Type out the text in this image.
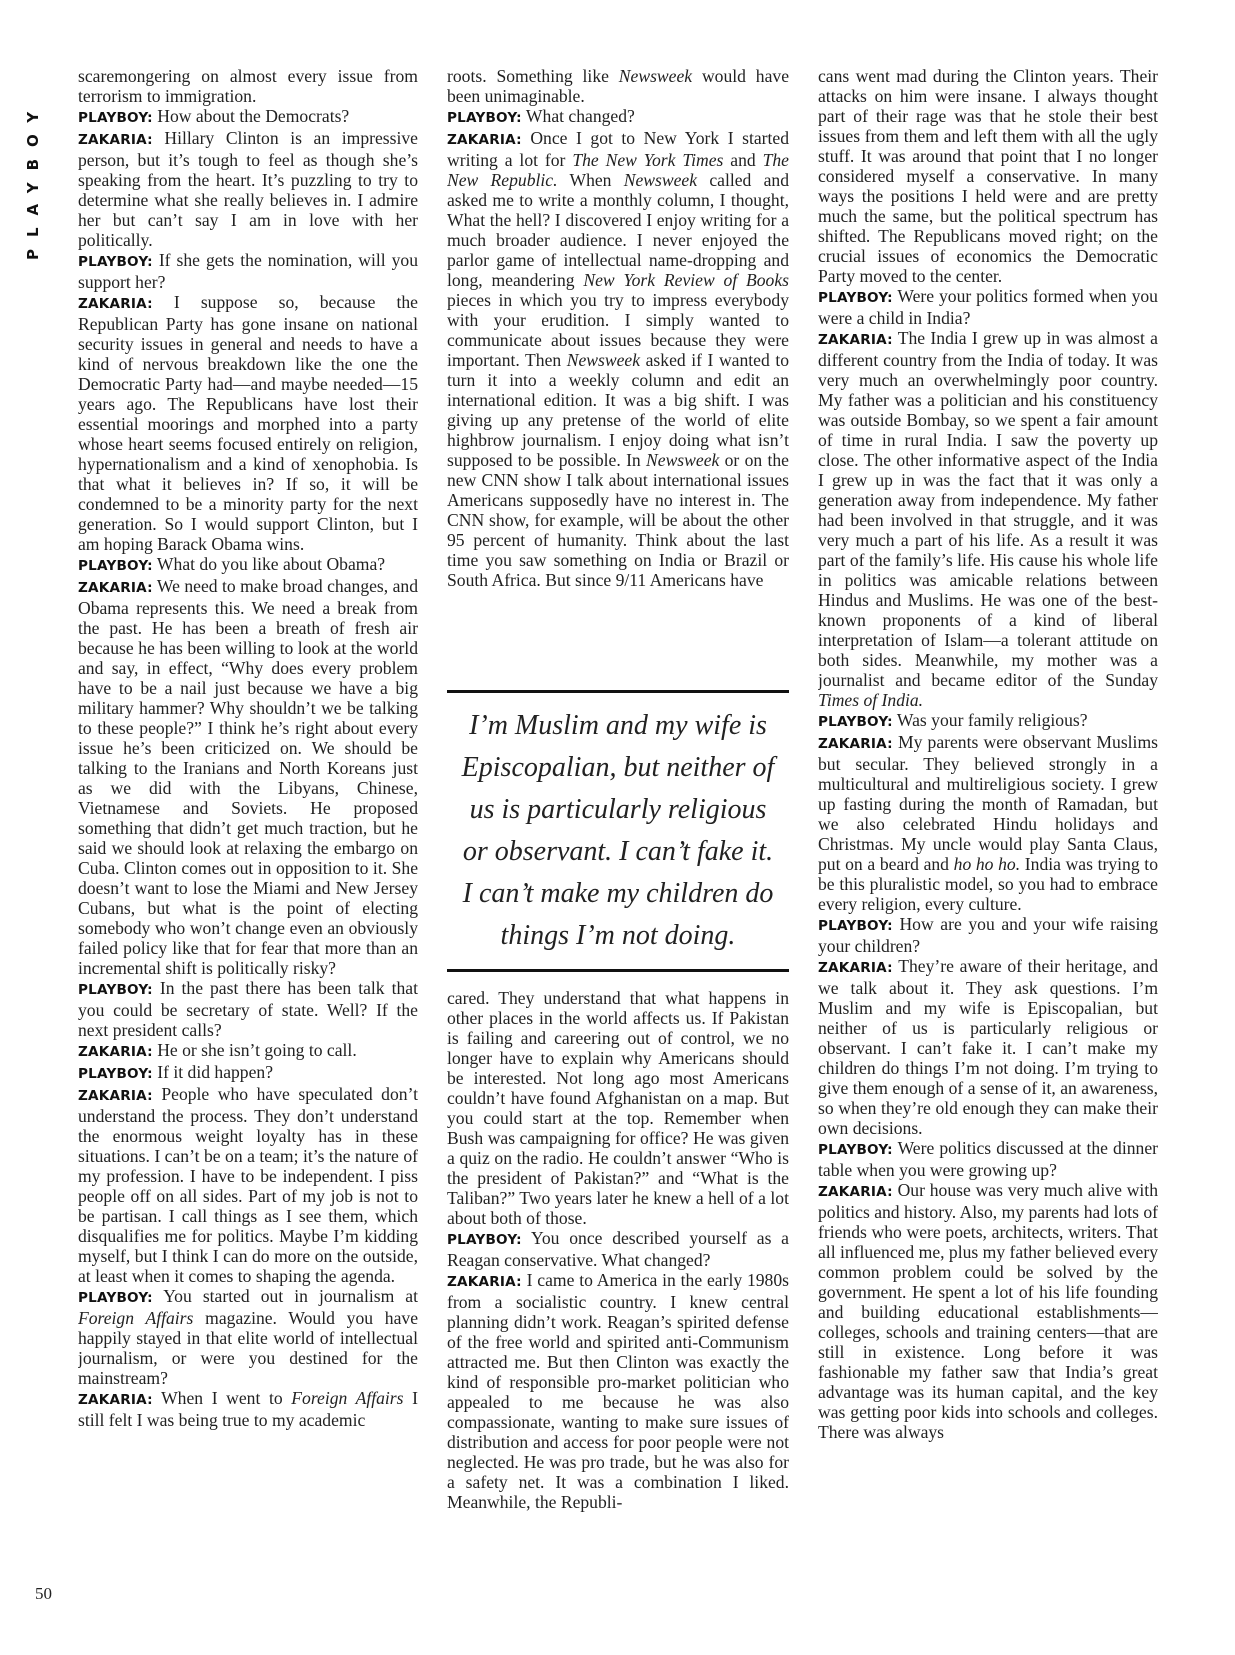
PLAYBOY
50

scaremongering on almost every issue from terrorism to immigration.

PLAYBOY: How about the Democrats?

ZAKARIA: Hillary Clinton is an impressive person, but it’s tough to feel as though she’s speaking from the heart. It’s puzzling to try to determine what she really believes in. I admire her but can’t say I am in love with her politically.

PLAYBOY: If she gets the nomination, will you support her?

ZAKARIA: I suppose so, because the Republican Party has gone insane on national security issues in general and needs to have a kind of nervous breakdown like the one the Democratic Party had—and maybe needed—15 years ago. The Republicans have lost their essential moorings and morphed into a party whose heart seems focused entirely on religion, hypernationalism and a kind of xenophobia. Is that what it believes in? If so, it will be condemned to be a minority party for the next generation. So I would support Clinton, but I am hoping Barack Obama wins.

PLAYBOY: What do you like about Obama?

ZAKARIA: We need to make broad changes, and Obama represents this. We need a break from the past. He has been a breath of fresh air because he has been willing to look at the world and say, in effect, “Why does every problem have to be a nail just because we have a big military hammer? Why shouldn’t we be talking to these people?” I think he’s right about every issue he’s been criticized on. We should be talking to the Iranians and North Koreans just as we did with the Libyans, Chinese, Vietnamese and Soviets. He proposed something that didn’t get much traction, but he said we should look at relaxing the embargo on Cuba. Clinton comes out in opposition to it. She doesn’t want to lose the Miami and New Jersey Cubans, but what is the point of electing somebody who won’t change even an obviously failed policy like that for fear that more than an incremental shift is politically risky?

PLAYBOY: In the past there has been talk that you could be secretary of state. Well? If the next president calls?

ZAKARIA: He or she isn’t going to call.

PLAYBOY: If it did happen?

ZAKARIA: People who have speculated don’t understand the process. They don’t understand the enormous weight loyalty has in these situations. I can’t be on a team; it’s the nature of my profession. I have to be independent. I piss people off on all sides. Part of my job is not to be partisan. I call things as I see them, which disqualifies me for politics. Maybe I’m kidding myself, but I think I can do more on the outside, at least when it comes to shaping the agenda.

PLAYBOY: You started out in journalism at Foreign Affairs magazine. Would you have happily stayed in that elite world of intellectual journalism, or were you destined for the mainstream?

ZAKARIA: When I went to Foreign Affairs I still felt I was being true to my academic

roots. Something like Newsweek would have been unimaginable.

PLAYBOY: What changed?

ZAKARIA: Once I got to New York I started writing a lot for The New York Times and The New Republic. When Newsweek called and asked me to write a monthly column, I thought, What the hell? I discovered I enjoy writing for a much broader audience. I never enjoyed the parlor game of intellectual name-dropping and long, meandering New York Review of Books pieces in which you try to impress everybody with your erudition. I simply wanted to communicate about issues because they were important. Then Newsweek asked if I wanted to turn it into a weekly column and edit an international edition. It was a big shift. I was giving up any pretense of the world of elite highbrow journalism. I enjoy doing what isn’t supposed to be possible. In Newsweek or on the new CNN show I talk about international issues Americans supposedly have no interest in. The CNN show, for example, will be about the other 95 percent of humanity. Think about the last time you saw something on India or Brazil or South Africa. But since 9/11 Americans have

I’m Muslim and my wife is Episcopalian, but neither of us is particularly religious or observant. I can’t fake it. I can’t make my children do things I’m not doing.

cared. They understand that what happens in other places in the world affects us. If Pakistan is failing and careering out of control, we no longer have to explain why Americans should be interested. Not long ago most Americans couldn’t have found Afghanistan on a map. But you could start at the top. Remember when Bush was campaigning for office? He was given a quiz on the radio. He couldn’t answer “Who is the president of Pakistan?” and “What is the Taliban?” Two years later he knew a hell of a lot about both of those.

PLAYBOY: You once described yourself as a Reagan conservative. What changed?

ZAKARIA: I came to America in the early 1980s from a socialistic country. I knew central planning didn’t work. Reagan’s spirited defense of the free world and spirited anti-Communism attracted me. But then Clinton was exactly the kind of responsible pro-market politician who appealed to me because he was also compassionate, wanting to make sure issues of distribution and access for poor people were not neglected. He was pro trade, but he was also for a safety net. It was a combination I liked. Meanwhile, the Republi-

cans went mad during the Clinton years. Their attacks on him were insane. I always thought part of their rage was that he stole their best issues from them and left them with all the ugly stuff. It was around that point that I no longer considered myself a conservative. In many ways the positions I held were and are pretty much the same, but the political spectrum has shifted. The Republicans moved right; on the crucial issues of economics the Democratic Party moved to the center.

PLAYBOY: Were your politics formed when you were a child in India?

ZAKARIA: The India I grew up in was almost a different country from the India of today. It was very much an overwhelmingly poor country. My father was a politician and his constituency was outside Bombay, so we spent a fair amount of time in rural India. I saw the poverty up close. The other informative aspect of the India I grew up in was the fact that it was only a generation away from independence. My father had been involved in that struggle, and it was very much a part of his life. As a result it was part of the family’s life. His cause his whole life in politics was amicable relations between Hindus and Muslims. He was one of the best-known proponents of a kind of liberal interpretation of Islam—a tolerant attitude on both sides. Meanwhile, my mother was a journalist and became editor of the Sunday Times of India.

PLAYBOY: Was your family religious?

ZAKARIA: My parents were observant Muslims but secular. They believed strongly in a multicultural and multireligious society. I grew up fasting during the month of Ramadan, but we also celebrated Hindu holidays and Christmas. My uncle would play Santa Claus, put on a beard and ho ho ho. India was trying to be this pluralistic model, so you had to embrace every religion, every culture.

PLAYBOY: How are you and your wife raising your children?

ZAKARIA: They’re aware of their heritage, and we talk about it. They ask questions. I’m Muslim and my wife is Episcopalian, but neither of us is particularly religious or observant. I can’t fake it. I can’t make my children do things I’m not doing. I’m trying to give them enough of a sense of it, an awareness, so when they’re old enough they can make their own decisions.

PLAYBOY: Were politics discussed at the dinner table when you were growing up?

ZAKARIA: Our house was very much alive with politics and history. Also, my parents had lots of friends who were poets, architects, writers. That all influenced me, plus my father believed every common problem could be solved by the government. He spent a lot of his life founding and building educational establishments—colleges, schools and training centers—that are still in existence. Long before it was fashionable my father saw that India’s great advantage was its human capital, and the key was getting poor kids into schools and colleges. There was always
